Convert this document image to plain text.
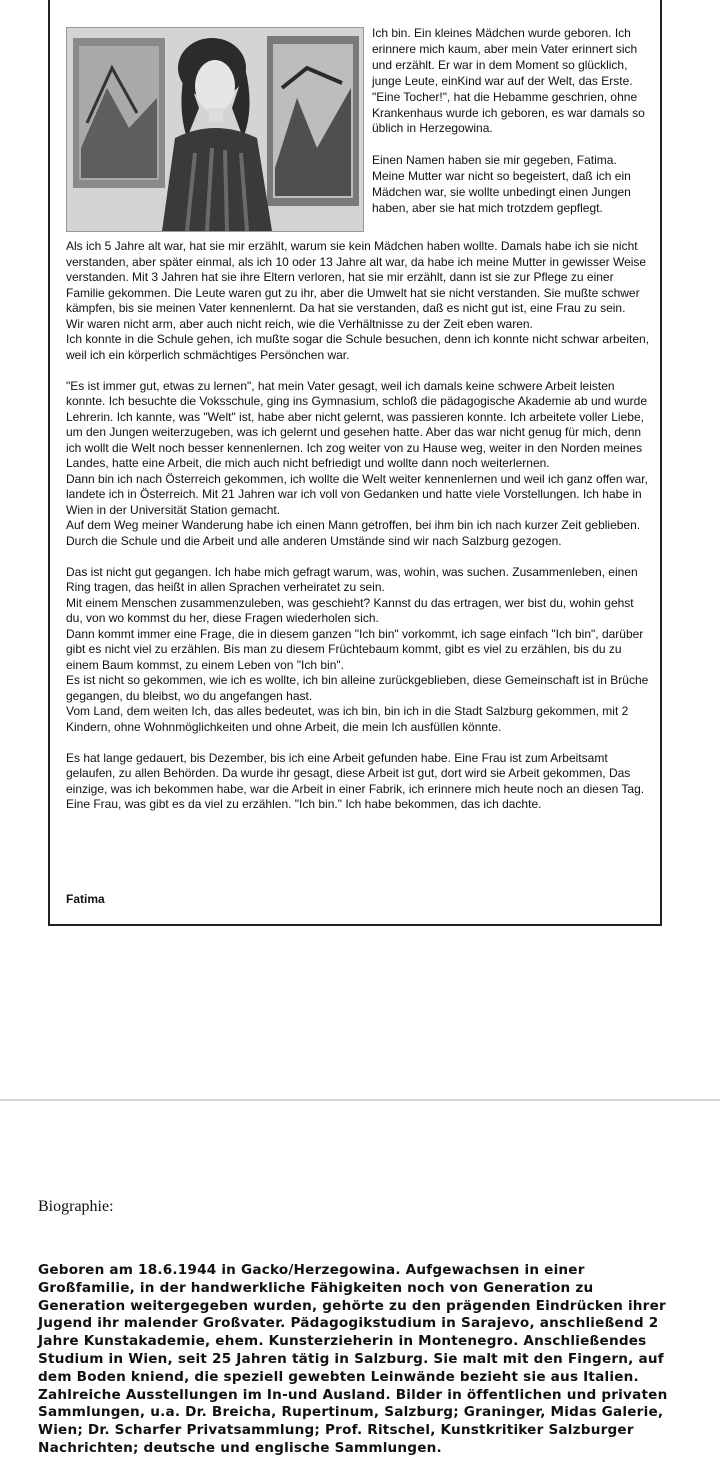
Ich bin. Ein kleines Mädchen wurde geboren. Ich erinnere mich kaum, aber mein Vater erinnert sich und erzählt. Er war in dem Moment so glücklich, junge Leute, einKind war auf der Welt, das Erste. "Eine Tocher!", hat die Hebamme geschrien, ohne Krankenhaus wurde ich geboren, es war damals so üblich in Herzegowina.

Einen Namen haben sie mir gegeben, Fatima. Meine Mutter war nicht so begeistert, daß ich ein Mädchen war, sie wollte unbedingt einen Jungen haben, aber sie hat mich trotzdem gepflegt.

Als ich 5 Jahre alt war, hat sie mir erzählt, warum sie kein Mädchen haben wollte. Damals habe ich sie nicht verstanden, aber später einmal, als ich 10 oder 13 Jahre alt war, da habe ich meine Mutter in gewisser Weise verstanden. Mit 3 Jahren hat sie ihre Eltern verloren, hat sie mir erzählt, dann ist sie zur Pflege zu einer Familie gekommen. Die Leute waren gut zu ihr, aber die Umwelt hat sie nicht verstanden. Sie mußte schwer kämpfen, bis sie meinen Vater kennenlernt. Da hat sie verstanden, daß es nicht gut ist, eine Frau zu sein.
Wir waren nicht arm, aber auch nicht reich, wie die Verhältnisse zu der Zeit eben waren.
Ich konnte in die Schule gehen, ich mußte sogar die Schule besuchen, denn ich konnte nicht schwar arbeiten, weil ich ein körperlich schmächtiges Persönchen war.

"Es ist immer gut, etwas zu lernen", hat mein Vater gesagt, weil ich damals keine schwere Arbeit leisten konnte. Ich besuchte die Voksschule, ging ins Gymnasium, schloß die pädagogische Akademie ab und wurde Lehrerin. Ich kannte, was "Welt" ist, habe aber nicht gelernt, was passieren konnte. Ich arbeitete voller Liebe, um den Jungen weiterzugeben, was ich gelernt und gesehen hatte. Aber das war nicht genug für mich, denn ich wollt die Welt noch besser kennenlernen. Ich zog weiter von zu Hause weg, weiter in den Norden meines Landes, hatte eine Arbeit, die mich auch nicht befriedigt und wollte dann noch weiterlernen.
Dann bin ich nach Österreich gekommen, ich wollte die Welt weiter kennenlernen und weil ich ganz offen war, landete ich in Österreich. Mit 21 Jahren war ich voll von Gedanken und hatte viele Vorstellungen. Ich habe in Wien in der Universität Station gemacht.
Auf dem Weg meiner Wanderung habe ich einen Mann getroffen, bei ihm bin ich nach kurzer Zeit geblieben. Durch die Schule und die Arbeit und alle anderen Umstände sind wir nach Salzburg gezogen.

Das ist nicht gut gegangen. Ich habe mich gefragt warum, was, wohin, was suchen. Zusammenleben, einen Ring tragen, das heißt in allen Sprachen verheiratet zu sein.
Mit einem Menschen zusammenzuleben, was geschieht? Kannst du das ertragen, wer bist du, wohin gehst du, von wo kommst du her, diese Fragen wiederholen sich.
Dann kommt immer eine Frage, die in diesem ganzen "Ich bin" vorkommt, ich sage einfach "Ich bin", darüber gibt es nicht viel zu erzählen. Bis man zu diesem Früchtebaum kommt, gibt es viel zu erzählen, bis du zu einem Baum kommst, zu einem Leben von "Ich bin".
Es ist nicht so gekommen, wie ich es wollte, ich bin alleine zurückgeblieben, diese Gemeinschaft ist in Brüche gegangen, du bleibst, wo du angefangen hast.
Vom Land, dem weiten Ich, das alles bedeutet, was ich bin, bin ich in die Stadt Salzburg gekommen, mit 2 Kindern, ohne Wohnmöglichkeiten und ohne Arbeit, die mein Ich ausfüllen könnte.

Es hat lange gedauert, bis Dezember, bis ich eine Arbeit gefunden habe. Eine Frau ist zum Arbeitsamt gelaufen, zu allen Behörden. Da wurde ihr gesagt, diese Arbeit ist gut, dort wird sie Arbeit gekommen, Das einzige, was ich bekommen habe, war die Arbeit in einer Fabrik, ich erinnere mich heute noch an diesen Tag.
Eine Frau, was gibt es da viel zu erzählen. "Ich bin." Ich habe bekommen, das ich dachte.

Fatima
Biographie:
Geboren am 18.6.1944 in Gacko/Herzegowina. Aufgewachsen in einer
Großfamilie, in der handwerkliche Fähigkeiten noch von Generation zu
Generation weitergegeben wurden, gehörte zu den prägenden Eindrücken ihrer
Jugend ihr malender Großvater. Pädagogikstudium in Sarajevo, anschließend 2
Jahre Kunstakademie, ehem. Kunsterzieherin in Montenegro. Anschließendes
Studium in Wien, seit 25 Jahren tätig in Salzburg. Sie malt mit den Fingern, auf
dem Boden kniend, die speziell gewebten Leinwände bezieht sie aus Italien.
Zahlreiche Ausstellungen im In-und Ausland. Bilder in öffentlichen und privaten
Sammlungen, u.a. Dr. Breicha, Rupertinum, Salzburg; Graninger, Midas Galerie,
Wien; Dr. Scharfer Privatsammlung; Prof. Ritschel, Kunstkritiker Salzburger
Nachrichten; deutsche und englische Sammlungen.
